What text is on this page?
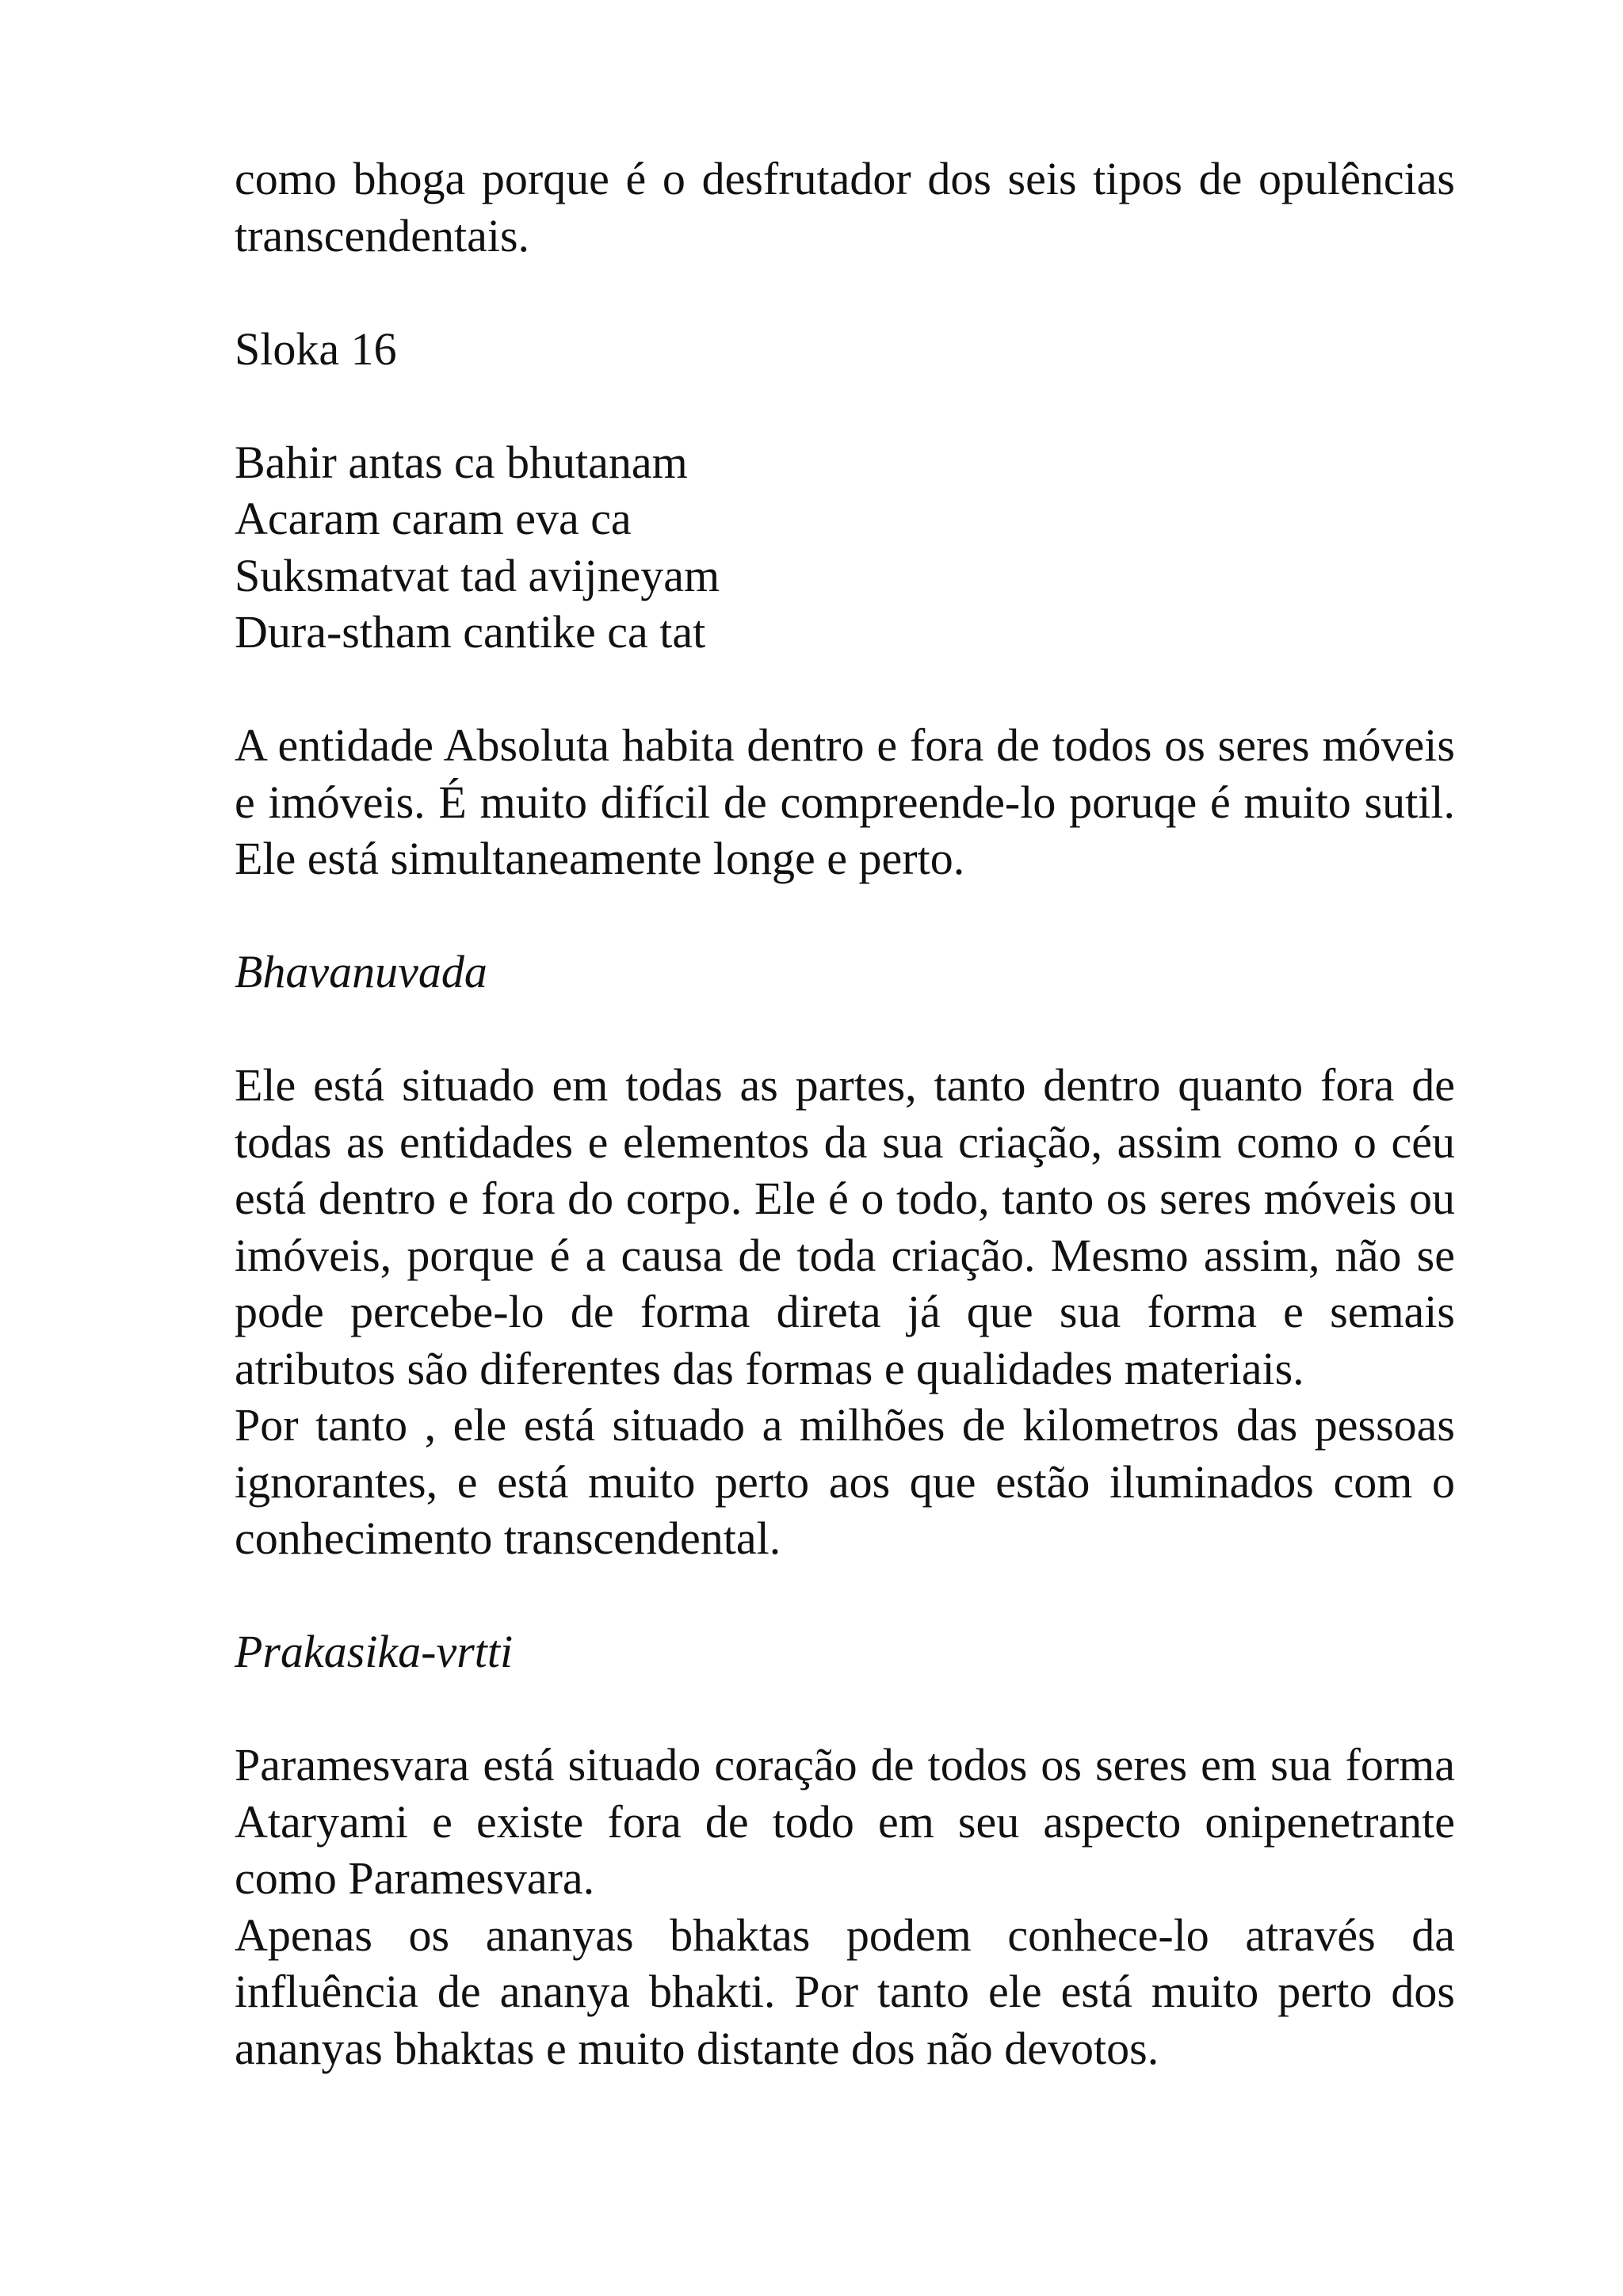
como bhoga porque é o desfrutador dos seis tipos de opulências transcendentais.

Sloka 16

Bahir antas ca bhutanam
Acaram caram eva ca
Suksmatvat tad avijneyam
Dura-stham cantike ca tat

A entidade Absoluta habita dentro e fora de todos os seres móveis e imóveis. É muito difícil de compreende-lo poruqe é muito sutil. Ele está simultaneamente longe e perto.

Bhavanuvada

Ele está situado em todas as partes, tanto dentro quanto fora de todas as entidades e elementos da sua criação, assim como o céu está dentro e fora do corpo. Ele é o todo, tanto os seres móveis ou imóveis, porque é a causa de toda criação. Mesmo assim, não se pode percebe-lo de forma direta já que sua forma e semais atributos são diferentes das formas e qualidades materiais.

Por tanto , ele está situado a milhões de kilometros das pessoas ignorantes, e está muito perto aos que estão iluminados com o conhecimento transcendental.

Prakasika-vrtti

Paramesvara está situado coração de todos os seres em sua forma Ataryami e existe fora de todo em seu aspecto onipenetrante como Paramesvara.

Apenas os ananyas bhaktas podem conhece-lo através da influência de ananya bhakti. Por tanto ele está muito perto dos ananyas bhaktas e muito distante dos não devotos.
